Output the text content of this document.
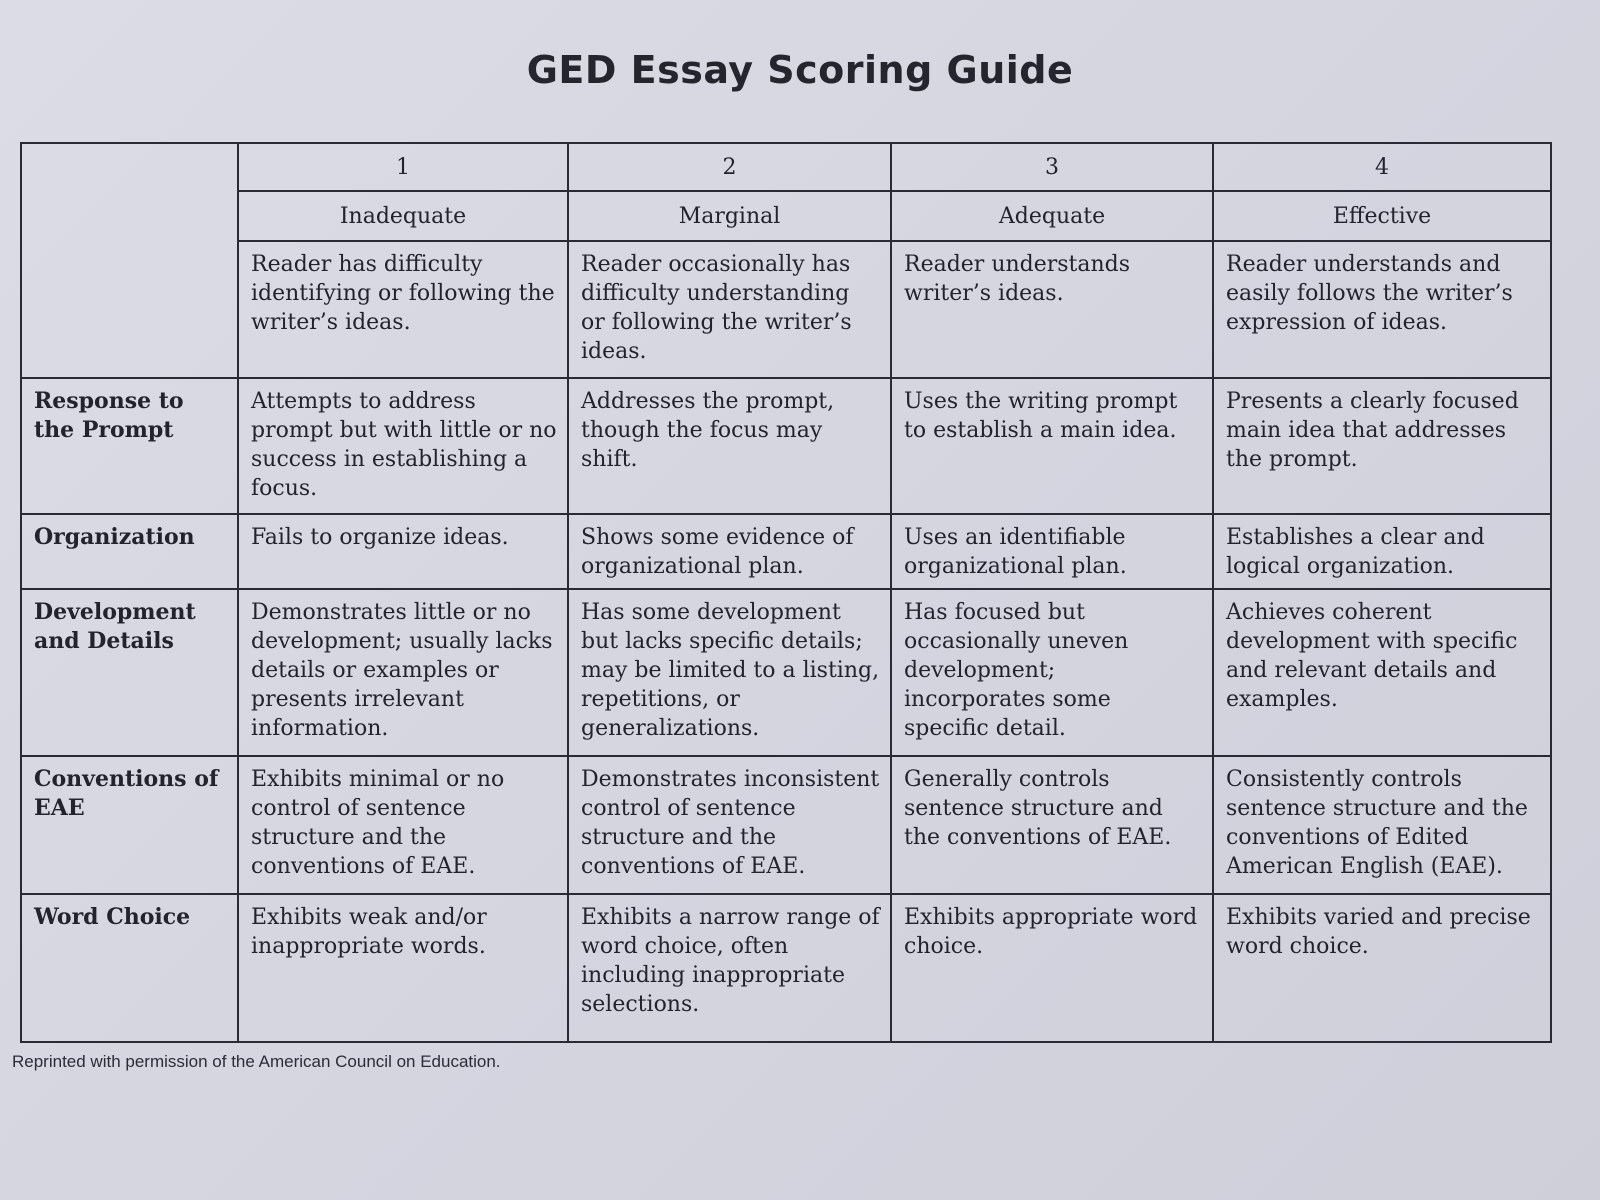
GED Essay Scoring Guide
	1	2	3	4
	Inadequate	Marginal	Adequate	Effective
	Reader has difficulty identifying or following the writer’s ideas.	Reader occasionally has difficulty understanding or following the writer’s ideas.	Reader understands writer’s ideas.	Reader understands and easily follows the writer’s expression of ideas.
Response to the Prompt	Attempts to address prompt but with little or no success in establishing a focus.	Addresses the prompt, though the focus may shift.	Uses the writing prompt to establish a main idea.	Presents a clearly focused main idea that addresses the prompt.
Organization	Fails to organize ideas.	Shows some evidence of organizational plan.	Uses an identifiable organizational plan.	Establishes a clear and logical organization.
Development and Details	Demonstrates little or no development; usually lacks details or examples or presents irrelevant information.	Has some development but lacks specific details; may be limited to a listing, repetitions, or generalizations.	Has focused but occasionally uneven development; incorporates some specific detail.	Achieves coherent development with specific and relevant details and examples.
Conventions of EAE	Exhibits minimal or no control of sentence structure and the conventions of EAE.	Demonstrates inconsistent control of sentence structure and the conventions of EAE.	Generally controls sentence structure and the conventions of EAE.	Consistently controls sentence structure and the conventions of Edited American English (EAE).
Word Choice	Exhibits weak and/or inappropriate words.	Exhibits a narrow range of word choice, often including inappropriate selections.	Exhibits appropriate word choice.	Exhibits varied and precise word choice.
Reprinted with permission of the American Council on Education.
